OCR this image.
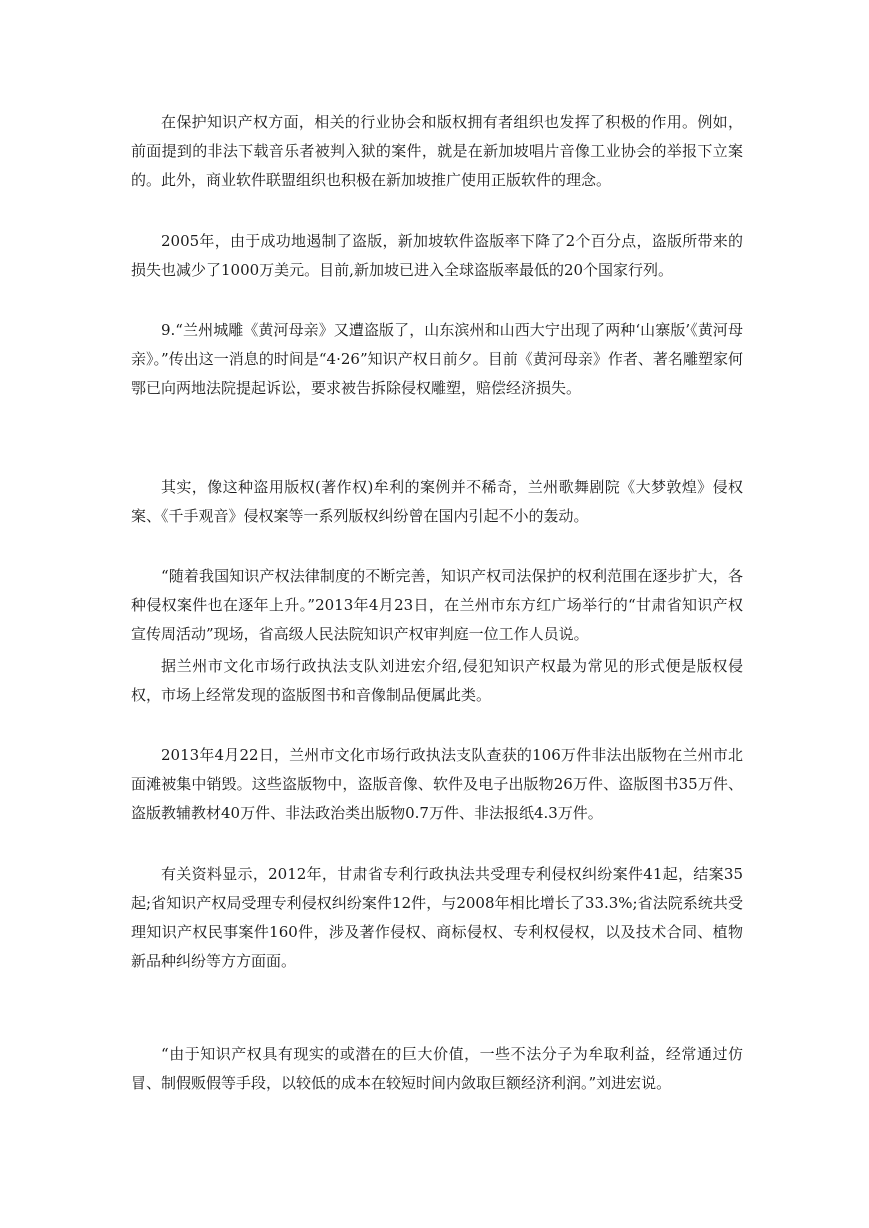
在保护知识产权方面，相关的行业协会和版权拥有者组织也发挥了积极的作用。例如，前面提到的非法下载音乐者被判入狱的案件，就是在新加坡唱片音像工业协会的举报下立案的。此外，商业软件联盟组织也积极在新加坡推广使用正版软件的理念。

2005年，由于成功地遏制了盗版，新加坡软件盗版率下降了2个百分点，盗版所带来的损失也减少了1000万美元。目前,新加坡已进入全球盗版率最低的20个国家行列。

9.“兰州城雕《黄河母亲》又遭盗版了，山东滨州和山西大宁出现了两种‘山寨版’《黄河母亲》。”传出这一消息的时间是“4·26”知识产权日前夕。目前《黄河母亲》作者、著名雕塑家何鄂已向两地法院提起诉讼，要求被告拆除侵权雕塑，赔偿经济损失。

其实，像这种盗用版权(著作权)牟利的案例并不稀奇，兰州歌舞剧院《大梦敦煌》侵权案、《千手观音》侵权案等一系列版权纠纷曾在国内引起不小的轰动。

“随着我国知识产权法律制度的不断完善，知识产权司法保护的权利范围在逐步扩大，各种侵权案件也在逐年上升。”2013年4月23日，在兰州市东方红广场举行的“甘肃省知识产权宣传周活动”现场，省高级人民法院知识产权审判庭一位工作人员说。

据兰州市文化市场行政执法支队刘进宏介绍,侵犯知识产权最为常见的形式便是版权侵权，市场上经常发现的盗版图书和音像制品便属此类。

2013年4月22日，兰州市文化市场行政执法支队查获的106万件非法出版物在兰州市北面滩被集中销毁。这些盗版物中，盗版音像、软件及电子出版物26万件、盗版图书35万件、盗版教辅教材40万件、非法政治类出版物0.7万件、非法报纸4.3万件。

有关资料显示，2012年，甘肃省专利行政执法共受理专利侵权纠纷案件41起，结案35起;省知识产权局受理专利侵权纠纷案件12件，与2008年相比增长了33.3%;省法院系统共受理知识产权民事案件160件，涉及著作侵权、商标侵权、专利权侵权，以及技术合同、植物新品种纠纷等方方面面。

“由于知识产权具有现实的或潜在的巨大价值，一些不法分子为牟取利益，经常通过仿冒、制假贩假等手段，以较低的成本在较短时间内敛取巨额经济利润。”刘进宏说。
